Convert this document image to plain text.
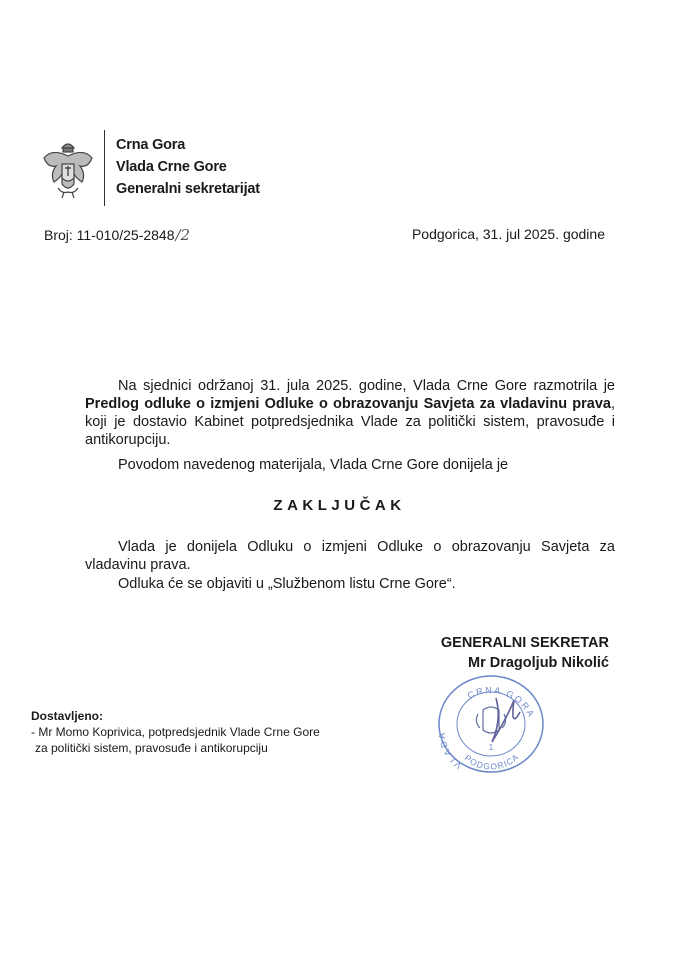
Crna Gora
Vlada Crne Gore
Generalni sekretarijat
Broj: 11-010/25-2848/2	Podgorica, 31. jul 2025. godine
Na sjednici održanoj 31. jula 2025. godine, Vlada Crne Gore razmotrila je Predlog odluke o izmjeni Odluke o obrazovanju Savjeta za vladavinu prava, koji je dostavio Kabinet potpredsjednika Vlade za politički sistem, pravosuđe i antikorupciju.
Povodom navedenog materijala, Vlada Crne Gore donijela je
ZAKLJUČAK
Vlada je donijela Odluku o izmjeni Odluke o obrazovanju Savjeta za vladavinu prava.
Odluka će se objaviti u „Službenom listu Crne Gore“.
GENERALNI SEKRETAR
Mr Dragoljub Nikolić
CRNA GORA
VLADA
1
PODGORICA
Dostavljeno:
- Mr Momo Koprivica, potpredsjednik Vlade Crne Gore
za politički sistem, pravosuđe i antikorupciju
